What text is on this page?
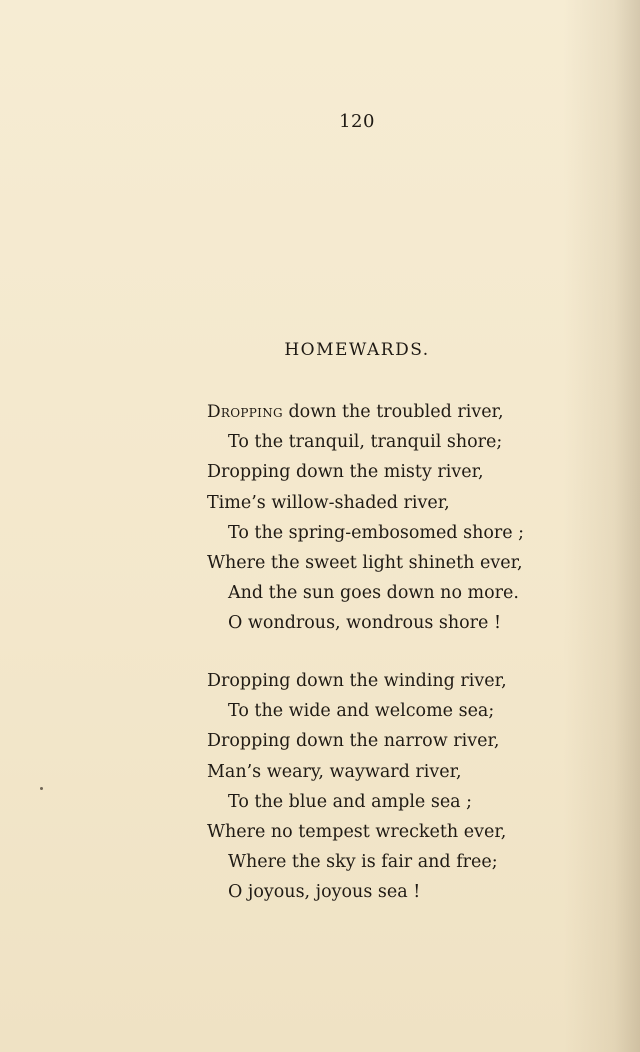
120
HOMEWARDS.
Dropping down the troubled river,
To the tranquil, tranquil shore;
Dropping down the misty river,
Time’s willow-shaded river,
To the spring-embosomed shore ;
Where the sweet light shineth ever,
And the sun goes down no more.
O wondrous, wondrous shore !
Dropping down the winding river,
To the wide and welcome sea;
Dropping down the narrow river,
Man’s weary, wayward river,
To the blue and ample sea ;
Where no tempest wrecketh ever,
Where the sky is fair and free;
O joyous, joyous sea !
